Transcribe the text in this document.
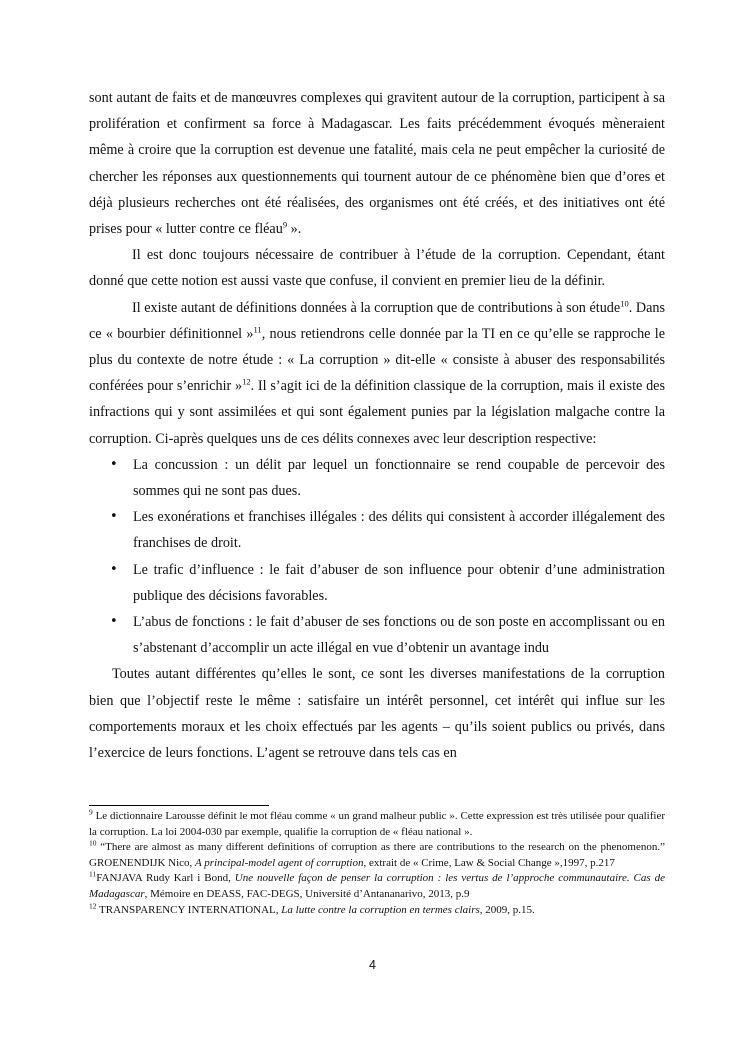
sont autant de faits et de manœuvres complexes qui gravitent autour de la corruption, participent à sa prolifération et confirment sa force à Madagascar. Les faits précédemment évoqués mèneraient même à croire que la corruption est devenue une fatalité, mais cela ne peut empêcher la curiosité de chercher les réponses aux questionnements qui tournent autour de ce phénomène bien que d’ores et déjà plusieurs recherches ont été réalisées, des organismes ont été créés, et des initiatives ont été prises pour « lutter contre ce fléau$^9$ ».

Il est donc toujours nécessaire de contribuer à l’étude de la corruption. Cependant, étant donné que cette notion est aussi vaste que confuse, il convient en premier lieu de la définir.

Il existe autant de définitions données à la corruption que de contributions à son étude$^{10}$. Dans ce « bourbier définitionnel »$^{11}$, nous retiendrons celle donnée par la TI en ce qu’elle se rapproche le plus du contexte de notre étude : « La corruption » dit-elle « consiste à abuser des responsabilités conférées pour s’enrichir »$^{12}$. Il s’agit ici de la définition classique de la corruption, mais il existe des infractions qui y sont assimilées et qui sont également punies par la législation malgache contre la corruption. Ci-après quelques uns de ces délits connexes avec leur description respective:

• La concussion : un délit par lequel un fonctionnaire se rend coupable de percevoir des sommes qui ne sont pas dues.
• Les exonérations et franchises illégales : des délits qui consistent à accorder illégalement des franchises de droit.
• Le trafic d’influence : le fait d’abuser de son influence pour obtenir d’une administration publique des décisions favorables.
• L’abus de fonctions : le fait d’abuser de ses fonctions ou de son poste en accomplissant ou en s’abstenant d’accomplir un acte illégal en vue d’obtenir un avantage indu

Toutes autant différentes qu’elles le sont, ce sont les diverses manifestations de la corruption bien que l’objectif reste le même : satisfaire un intérêt personnel, cet intérêt qui influe sur les comportements moraux et les choix effectués par les agents – qu’ils soient publics ou privés, dans l’exercice de leurs fonctions. L’agent se retrouve dans tels cas en

$^9$ Le dictionnaire Larousse définit le mot fléau comme « un grand malheur public ». Cette expression est très utilisée pour qualifier la corruption. La loi 2004-030 par exemple, qualifie la corruption de « fléau national ».

$^{10}$ “There are almost as many different definitions of corruption as there are contributions to the research on the phenomenon.” GROENENDIJK Nico, A principal-model agent of corruption, extrait de « Crime, Law & Social Change »,1997, p.217

$^{11}$FANJAVA Rudy Karl i Bond, Une nouvelle façon de penser la corruption : les vertus de l’approche communautaire. Cas de Madagascar, Mémoire en DEASS, FAC-DEGS, Université d’Antananarivo, 2013, p.9

$^{12}$ TRANSPARENCY INTERNATIONAL, La lutte contre la corruption en termes clairs, 2009, p.15.

4
